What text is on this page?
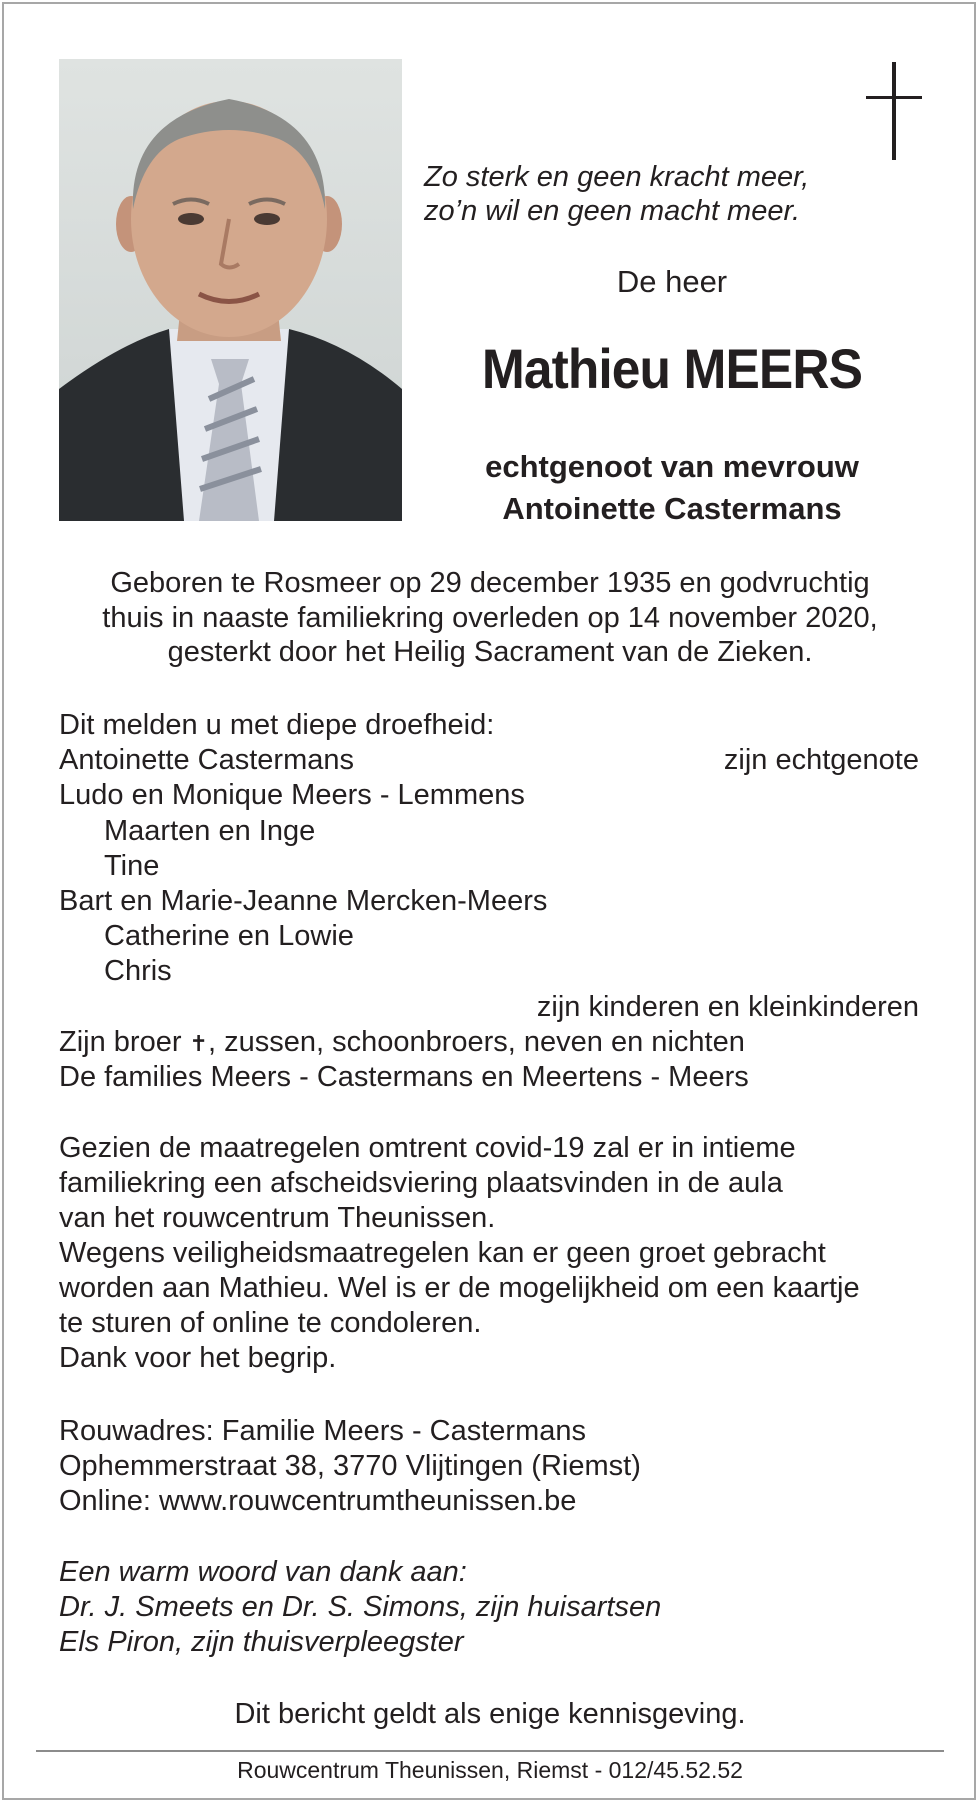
Zo sterk en geen kracht meer,
zo’n wil en geen macht meer.
De heer
Mathieu MEERS
echtgenoot van mevrouw
Antoinette Castermans
Geboren te Rosmeer op 29 december 1935 en godvruchtig
thuis in naaste familiekring overleden op 14 november 2020,
gesterkt door het Heilig Sacrament van de Zieken.
Dit melden u met diepe droefheid:
Antoinette Castermans	zijn echtgenote
Ludo en Monique Meers - Lemmens
Maarten en Inge
Tine
Bart en Marie-Jeanne Mercken-Meers
Catherine en Lowie
Chris
zijn kinderen en kleinkinderen
Zijn broer ✝, zussen, schoonbroers, neven en nichten
De families Meers - Castermans en Meertens - Meers
Gezien de maatregelen omtrent covid-19 zal er in intieme
familiekring een afscheidsviering plaatsvinden in de aula
van het rouwcentrum Theunissen.
Wegens veiligheidsmaatregelen kan er geen groet gebracht
worden aan Mathieu. Wel is er de mogelijkheid om een kaartje
te sturen of online te condoleren.
Dank voor het begrip.
Rouwadres: Familie Meers - Castermans
Ophemmerstraat 38, 3770 Vlijtingen (Riemst)
Online: www.rouwcentrumtheunissen.be
Een warm woord van dank aan:
Dr. J. Smeets en Dr. S. Simons, zijn huisartsen
Els Piron, zijn thuisverpleegster
Dit bericht geldt als enige kennisgeving.
Rouwcentrum Theunissen, Riemst - 012/45.52.52
